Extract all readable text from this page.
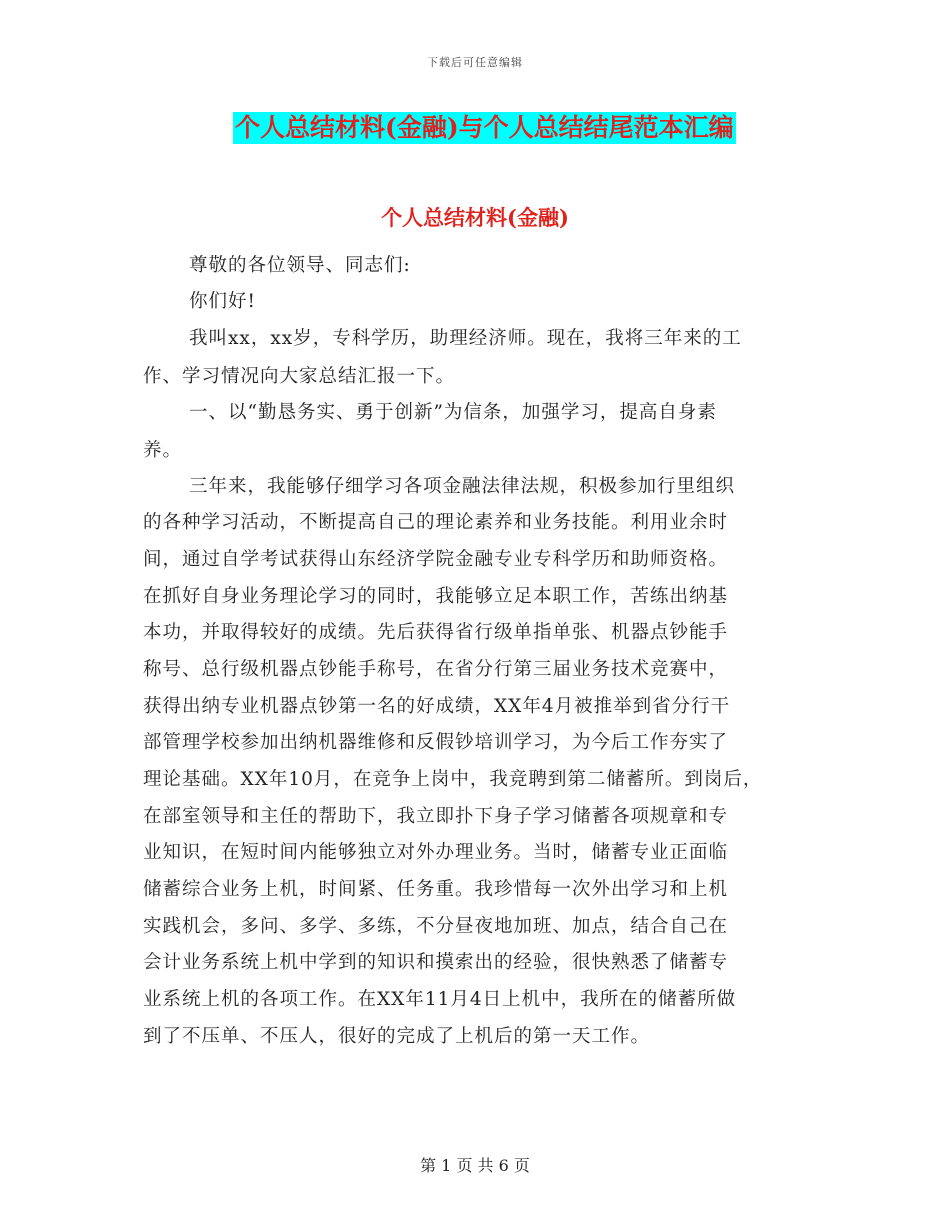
下载后可任意编辑
个人总结材料(金融)与个人总结结尾范本汇编
个人总结材料(金融)
尊敬的各位领导、同志们:
你们好!
我叫xx，xx岁，专科学历，助理经济师。现在，我将三年来的工
作、学习情况向大家总结汇报一下。
一、以“勤恳务实、勇于创新”为信条，加强学习，提高自身素
养。
三年来，我能够仔细学习各项金融法律法规，积极参加行里组织
的各种学习活动，不断提高自己的理论素养和业务技能。利用业余时
间，通过自学考试获得山东经济学院金融专业专科学历和助师资格。
在抓好自身业务理论学习的同时，我能够立足本职工作，苦练出纳基
本功，并取得较好的成绩。先后获得省行级单指单张、机器点钞能手
称号、总行级机器点钞能手称号，在省分行第三届业务技术竞赛中，
获得出纳专业机器点钞第一名的好成绩，XX年4月被推举到省分行干
部管理学校参加出纳机器维修和反假钞培训学习，为今后工作夯实了
理论基础。XX年10月，在竞争上岗中，我竞聘到第二储蓄所。到岗后，
在部室领导和主任的帮助下，我立即扑下身子学习储蓄各项规章和专
业知识，在短时间内能够独立对外办理业务。当时，储蓄专业正面临
储蓄综合业务上机，时间紧、任务重。我珍惜每一次外出学习和上机
实践机会，多问、多学、多练，不分昼夜地加班、加点，结合自己在
会计业务系统上机中学到的知识和摸索出的经验，很快熟悉了储蓄专
业系统上机的各项工作。在XX年11月4日上机中，我所在的储蓄所做
到了不压单、不压人，很好的完成了上机后的第一天工作。
第 1 页 共 6 页
